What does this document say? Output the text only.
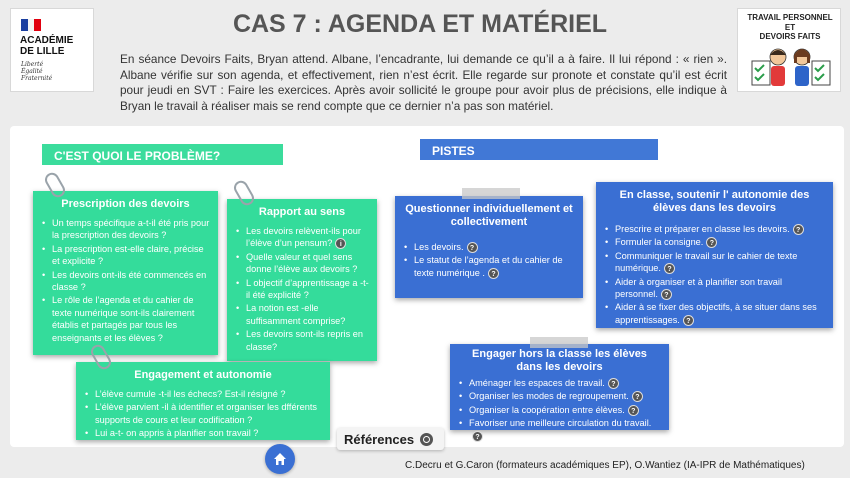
ACADÉMIE
DE LILLE
Liberté
Égalité
Fraternité
CAS 7 : AGENDA ET MATÉRIEL
En séance Devoirs Faits, Bryan attend. Albane, l’encadrante, lui demande ce qu’il a à faire. Il lui répond : « rien ». Albane vérifie sur son agenda, et effectivement, rien n’est écrit. Elle regarde sur pronote et constate qu’il est écrit pour jeudi en SVT : Faire les exercices. Après avoir sollicité le groupe pour avoir plus de précisions, elle indique à Bryan le travail à réaliser mais se rend compte que ce dernier n’a pas son matériel.
TRAVAIL PERSONNEL
ET
DEVOIRS FAITS
C'EST QUOI LE PROBLÈME?	PISTES
Prescription des devoirs
• Un temps spécifique a-t-il été pris pour la prescription des devoirs ?
• La prescription est-elle claire, précise et explicite ?
• Les devoirs ont-ils été commencés en classe ?
• Le rôle de l’agenda et du cahier de texte numérique sont-ils clairement établis et partagés par tous les enseignants et les élèves ?
Rapport au sens
• Les devoirs relèvent-ils pour l’élève d’un pensum? i
• Quelle valeur et quel sens donne l’élève aux devoirs ?
• L objectif d’apprentissage a -t-il été explicité ?
• La notion est -elle suffisamment comprise?
• Les devoirs sont-ils repris en classe?
Engagement et autonomie
• L’élève cumule -t-il les échecs? Est-il résigné ?
• L’élève parvient -il à identifier et organiser les dfférents supports de cours et leur codification ?
• Lui a-t- on appris à planifier son travail ?
Questionner individuellement et collectivement
• Les devoirs. ?
• Le statut de l’agenda et du cahier de texte numérique . ?
En classe, soutenir l' autonomie des élèves dans les devoirs
• Prescrire et préparer en classe les devoirs. ?
• Formuler la consigne. ?
• Communiquer le travail sur le cahier de texte numérique. ?
• Aider à organiser et à planifier son travail personnel. ?
• Aider à se fixer des objectifs, à se situer dans ses apprentissages. ?
Engager hors la classe les élèves dans les devoirs
• Aménager les espaces de travail. ?
• Organiser les modes de regroupement. ?
• Organiser la coopération entre élèves. ?
• Favoriser une meilleure circulation du travail.?
Références
C.Decru et G.Caron (formateurs académiques EP), O.Wantiez (IA-IPR de Mathématiques)
